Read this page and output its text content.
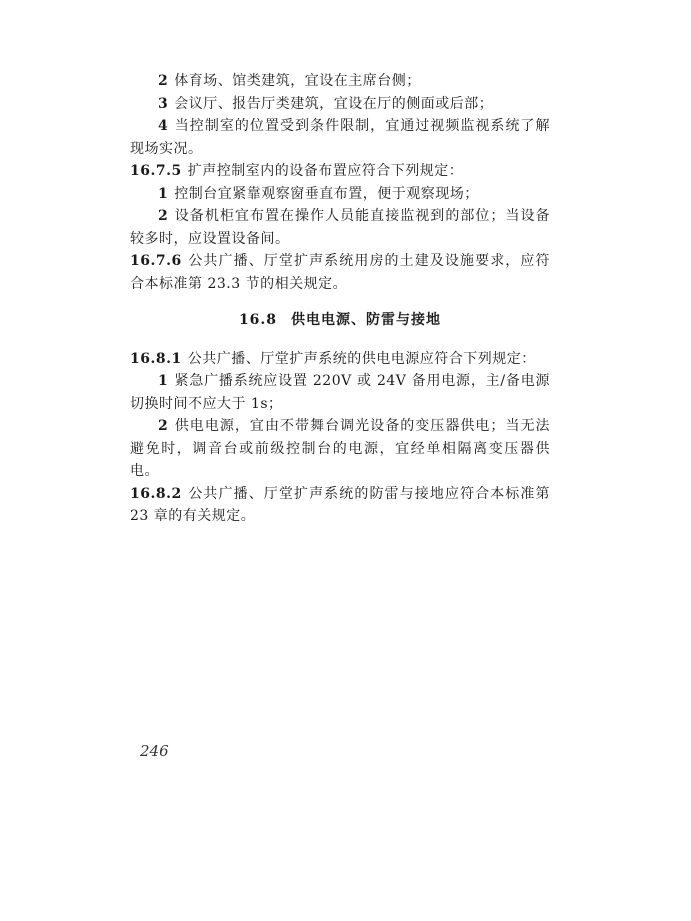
2 体育场、馆类建筑，宜设在主席台侧；

3 会议厅、报告厅类建筑，宜设在厅的侧面或后部；

4 当控制室的位置受到条件限制，宜通过视频监视系统了解现场实况。

16.7.5 扩声控制室内的设备布置应符合下列规定：

1 控制台宜紧靠观察窗垂直布置，便于观察现场；

2 设备机柜宜布置在操作人员能直接监视到的部位；当设备较多时，应设置设备间。

16.7.6 公共广播、厅堂扩声系统用房的土建及设施要求，应符合本标准第 23.3 节的相关规定。

16.8 供电电源、防雷与接地

16.8.1 公共广播、厅堂扩声系统的供电电源应符合下列规定：

1 紧急广播系统应设置 220V 或 24V 备用电源，主/备电源切换时间不应大于 1s；

2 供电电源，宜由不带舞台调光设备的变压器供电；当无法避免时，调音台或前级控制台的电源，宜经单相隔离变压器供电。

16.8.2 公共广播、厅堂扩声系统的防雷与接地应符合本标准第 23 章的有关规定。

246
